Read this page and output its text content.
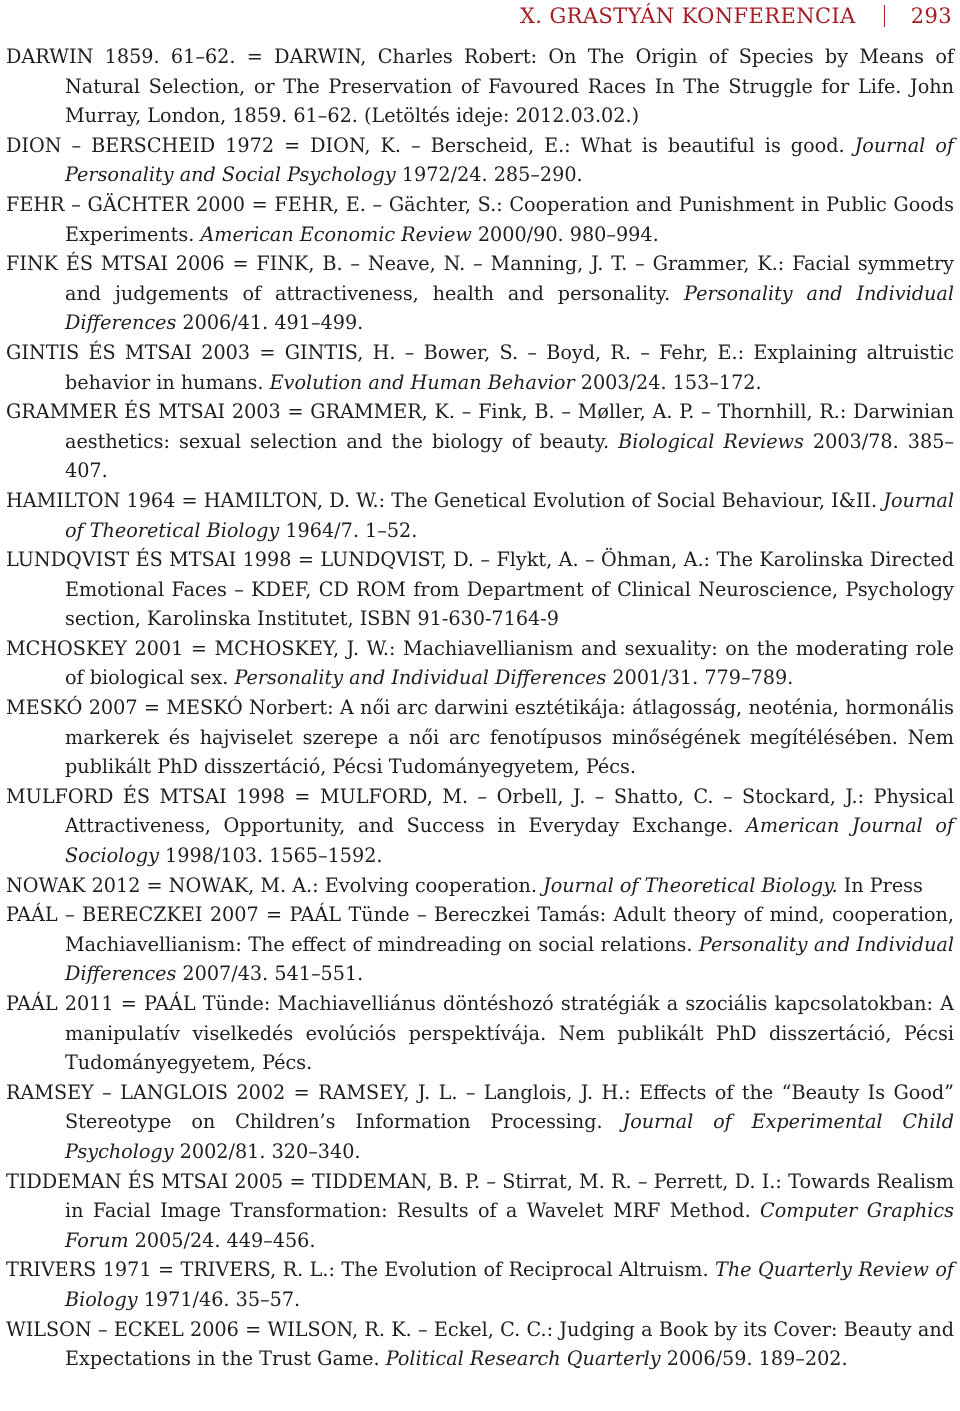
X. GRASTYÁN KONFERENCIA	293

DARWIN 1859. 61–62. = DARWIN, Charles Robert: On The Origin of Species by Means of Natural Selection, or The Preservation of Favoured Races In The Struggle for Life. John Murray, London, 1859. 61–62. (Letöltés ideje: 2012.03.02.)

DION – BERSCHEID 1972 = DION, K. – Berscheid, E.: What is beautiful is good. Journal of Personality and Social Psychology 1972/24. 285–290.

FEHR – GÄCHTER 2000 = FEHR, E. – Gächter, S.: Cooperation and Punishment in Public Goods Experiments. American Economic Review 2000/90. 980–994.

FINK ÉS MTSAI 2006 = FINK, B. – Neave, N. – Manning, J. T. – Grammer, K.: Facial symmetry and judgements of attractiveness, health and personality. Personality and Individual Differences 2006/41. 491–499.

GINTIS ÉS MTSAI 2003 = GINTIS, H. – Bower, S. – Boyd, R. – Fehr, E.: Explaining altruistic behavior in humans. Evolution and Human Behavior 2003/24. 153–172.

GRAMMER ÉS MTSAI 2003 = GRAMMER, K. – Fink, B. – Møller, A. P. – Thornhill, R.: Darwinian aesthetics: sexual selection and the biology of beauty. Biological Reviews 2003/78. 385–407.

HAMILTON 1964 = HAMILTON, D. W.: The Genetical Evolution of Social Behaviour, I&II. Journal of Theoretical Biology 1964/7. 1–52.

LUNDQVIST ÉS MTSAI 1998 = LUNDQVIST, D. – Flykt, A. – Öhman, A.: The Karolinska Directed Emotional Faces – KDEF, CD ROM from Department of Clinical Neuroscience, Psychology section, Karolinska Institutet, ISBN 91-630-7164-9

MCHOSKEY 2001 = MCHOSKEY, J. W.: Machiavellianism and sexuality: on the moderating role of biological sex. Personality and Individual Differences 2001/31. 779–789.

MESKÓ 2007 = MESKÓ Norbert: A női arc darwini esztétikája: átlagosság, neoténia, hormonális markerek és hajviselet szerepe a női arc fenotípusos minőségének megítélésében. Nem publikált PhD disszertáció, Pécsi Tudományegyetem, Pécs.

MULFORD ÉS MTSAI 1998 = MULFORD, M. – Orbell, J. – Shatto, C. – Stockard, J.: Physical Attractiveness, Opportunity, and Success in Everyday Exchange. American Journal of Sociology 1998/103. 1565–1592.

NOWAK 2012 = NOWAK, M. A.: Evolving cooperation. Journal of Theoretical Biology. In Press

PAÁL – BERECZKEI 2007 = PAÁL Tünde – Bereczkei Tamás: Adult theory of mind, cooperation, Machiavellianism: The effect of mindreading on social relations. Personality and Individual Differences 2007/43. 541–551.

PAÁL 2011 = PAÁL Tünde: Machiavelliánus döntéshozó stratégiák a szociális kapcsolatokban: A manipulatív viselkedés evolúciós perspektívája. Nem publikált PhD disszertáció, Pécsi Tudományegyetem, Pécs.

RAMSEY – LANGLOIS 2002 = RAMSEY, J. L. – Langlois, J. H.: Effects of the “Beauty Is Good” Stereotype on Children’s Information Processing. Journal of Experimental Child Psychology 2002/81. 320–340.

TIDDEMAN ÉS MTSAI 2005 = TIDDEMAN, B. P. – Stirrat, M. R. – Perrett, D. I.: Towards Realism in Facial Image Transformation: Results of a Wavelet MRF Method. Computer Graphics Forum 2005/24. 449–456.

TRIVERS 1971 = TRIVERS, R. L.: The Evolution of Reciprocal Altruism. The Quarterly Review of Biology 1971/46. 35–57.

WILSON – ECKEL 2006 = WILSON, R. K. – Eckel, C. C.: Judging a Book by its Cover: Beauty and Expectations in the Trust Game. Political Research Quarterly 2006/59. 189–202.
